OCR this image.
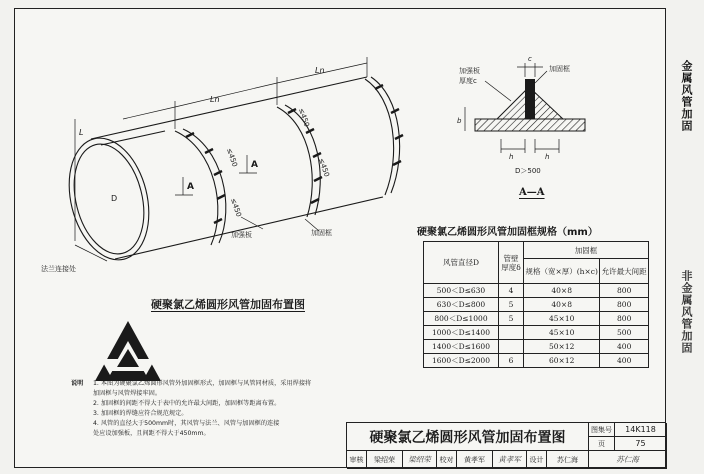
Ln
Ln
L
D
A
A
≤450
≤450
≤450
≤450
法兰连接处
加强板	加固框
硬聚氯乙烯圆形风管加固布置图
加强板
厚度c
加固框
c
h	h
b
D＞500
A—A
硬聚氯乙烯圆形风管加固框规格（mm）
风管直径D	管壁厚度δ	加固框	
		规格（宽×厚）(h×c)	允许最大间距
500＜D≤630	4	40×8	800
630＜D≤800	5	40×8	800
800＜D≤1000	5	45×10	800
1000＜D≤1400		45×10	500
1400＜D≤1600		50×12	400
1600＜D≤2000	6	60×12	400
说明 1. 本图为硬聚氯乙烯圆形风管外加固框形式，加固框与风管同材质，采用焊接将

加固框与风管焊接牢固。

2. 加固框的间距不得大于表中的允许最大间距，加固框等距离布置。

3. 加固框的焊缝应符合规范规定。

4. 风管的直径大于500mm时，其风管与法兰、风管与加固框的连接

处应设加强板，且间距不得大于450mm。

金属风管加固
非金属风管加固
硬聚氯乙烯圆形风管加固布置图	图集号	14K118
页	75
审核	梁绍荣	梁绍荣	校对	黄孝军	黄孝军	设计	苏仁海	苏仁海
